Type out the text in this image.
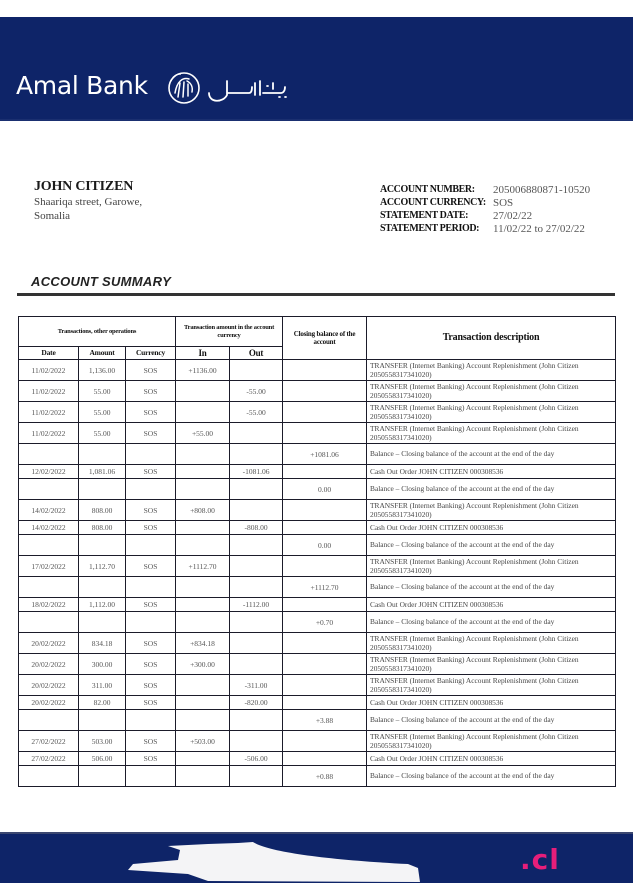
Amal Bank
JOHN CITIZEN
Shaariqa street, Garowe,
Somalia
ACCOUNT NUMBER:	205006880871-10520
ACCOUNT CURRENCY: SOS
STATEMENT DATE:	27/02/22
STATEMENT PERIOD:	11/02/22 to 27/02/22
ACCOUNT SUMMARY
Transactions, other operations			Transaction amount in the account currency		Closing balance of the account	Transaction description
Date	Amount	Currency	In	Out		
11/02/2022	1,136.00	SOS	+1136.00			TRANSFER (Internet Banking) Account Replenishment (John Citizen 2050558317341020)
11/02/2022	55.00	SOS		-55.00		TRANSFER (Internet Banking) Account Replenishment (John Citizen 2050558317341020)
11/02/2022	55.00	SOS		-55.00		TRANSFER (Internet Banking) Account Replenishment (John Citizen 2050558317341020)
11/02/2022	55.00	SOS	+55.00			TRANSFER (Internet Banking) Account Replenishment (John Citizen 2050558317341020)
					+1081.06	Balance – Closing balance of the account at the end of the day
12/02/2022	1,081.06	SOS		-1081.06		Cash Out Order JOHN CITIZEN 000308536
					0.00	Balance – Closing balance of the account at the end of the day
14/02/2022	808.00	SOS	+808.00			TRANSFER (Internet Banking) Account Replenishment (John Citizen 2050558317341020)
14/02/2022	808.00	SOS		-808.00		Cash Out Order JOHN CITIZEN 000308536
					0.00	Balance – Closing balance of the account at the end of the day
17/02/2022	1,112.70	SOS	+1112.70			TRANSFER (Internet Banking) Account Replenishment (John Citizen 2050558317341020)
					+1112.70	Balance – Closing balance of the account at the end of the day
18/02/2022	1,112.00	SOS		-1112.00		Cash Out Order JOHN CITIZEN 000308536
					+0.70	Balance – Closing balance of the account at the end of the day
20/02/2022	834.18	SOS	+834.18			TRANSFER (Internet Banking) Account Replenishment (John Citizen 2050558317341020)
20/02/2022	300.00	SOS	+300.00			TRANSFER (Internet Banking) Account Replenishment (John Citizen 2050558317341020)
20/02/2022	311.00	SOS		-311.00		TRANSFER (Internet Banking) Account Replenishment (John Citizen 2050558317341020)
20/02/2022	82.00	SOS		-820.00		Cash Out Order JOHN CITIZEN 000308536
					+3.88	Balance – Closing balance of the account at the end of the day
27/02/2022	503.00	SOS	+503.00			TRANSFER (Internet Banking) Account Replenishment (John Citizen 2050558317341020)
27/02/2022	506.00	SOS		-506.00		Cash Out Order JOHN CITIZEN 000308536
					+0.88	Balance – Closing balance of the account at the end of the day
.cl
